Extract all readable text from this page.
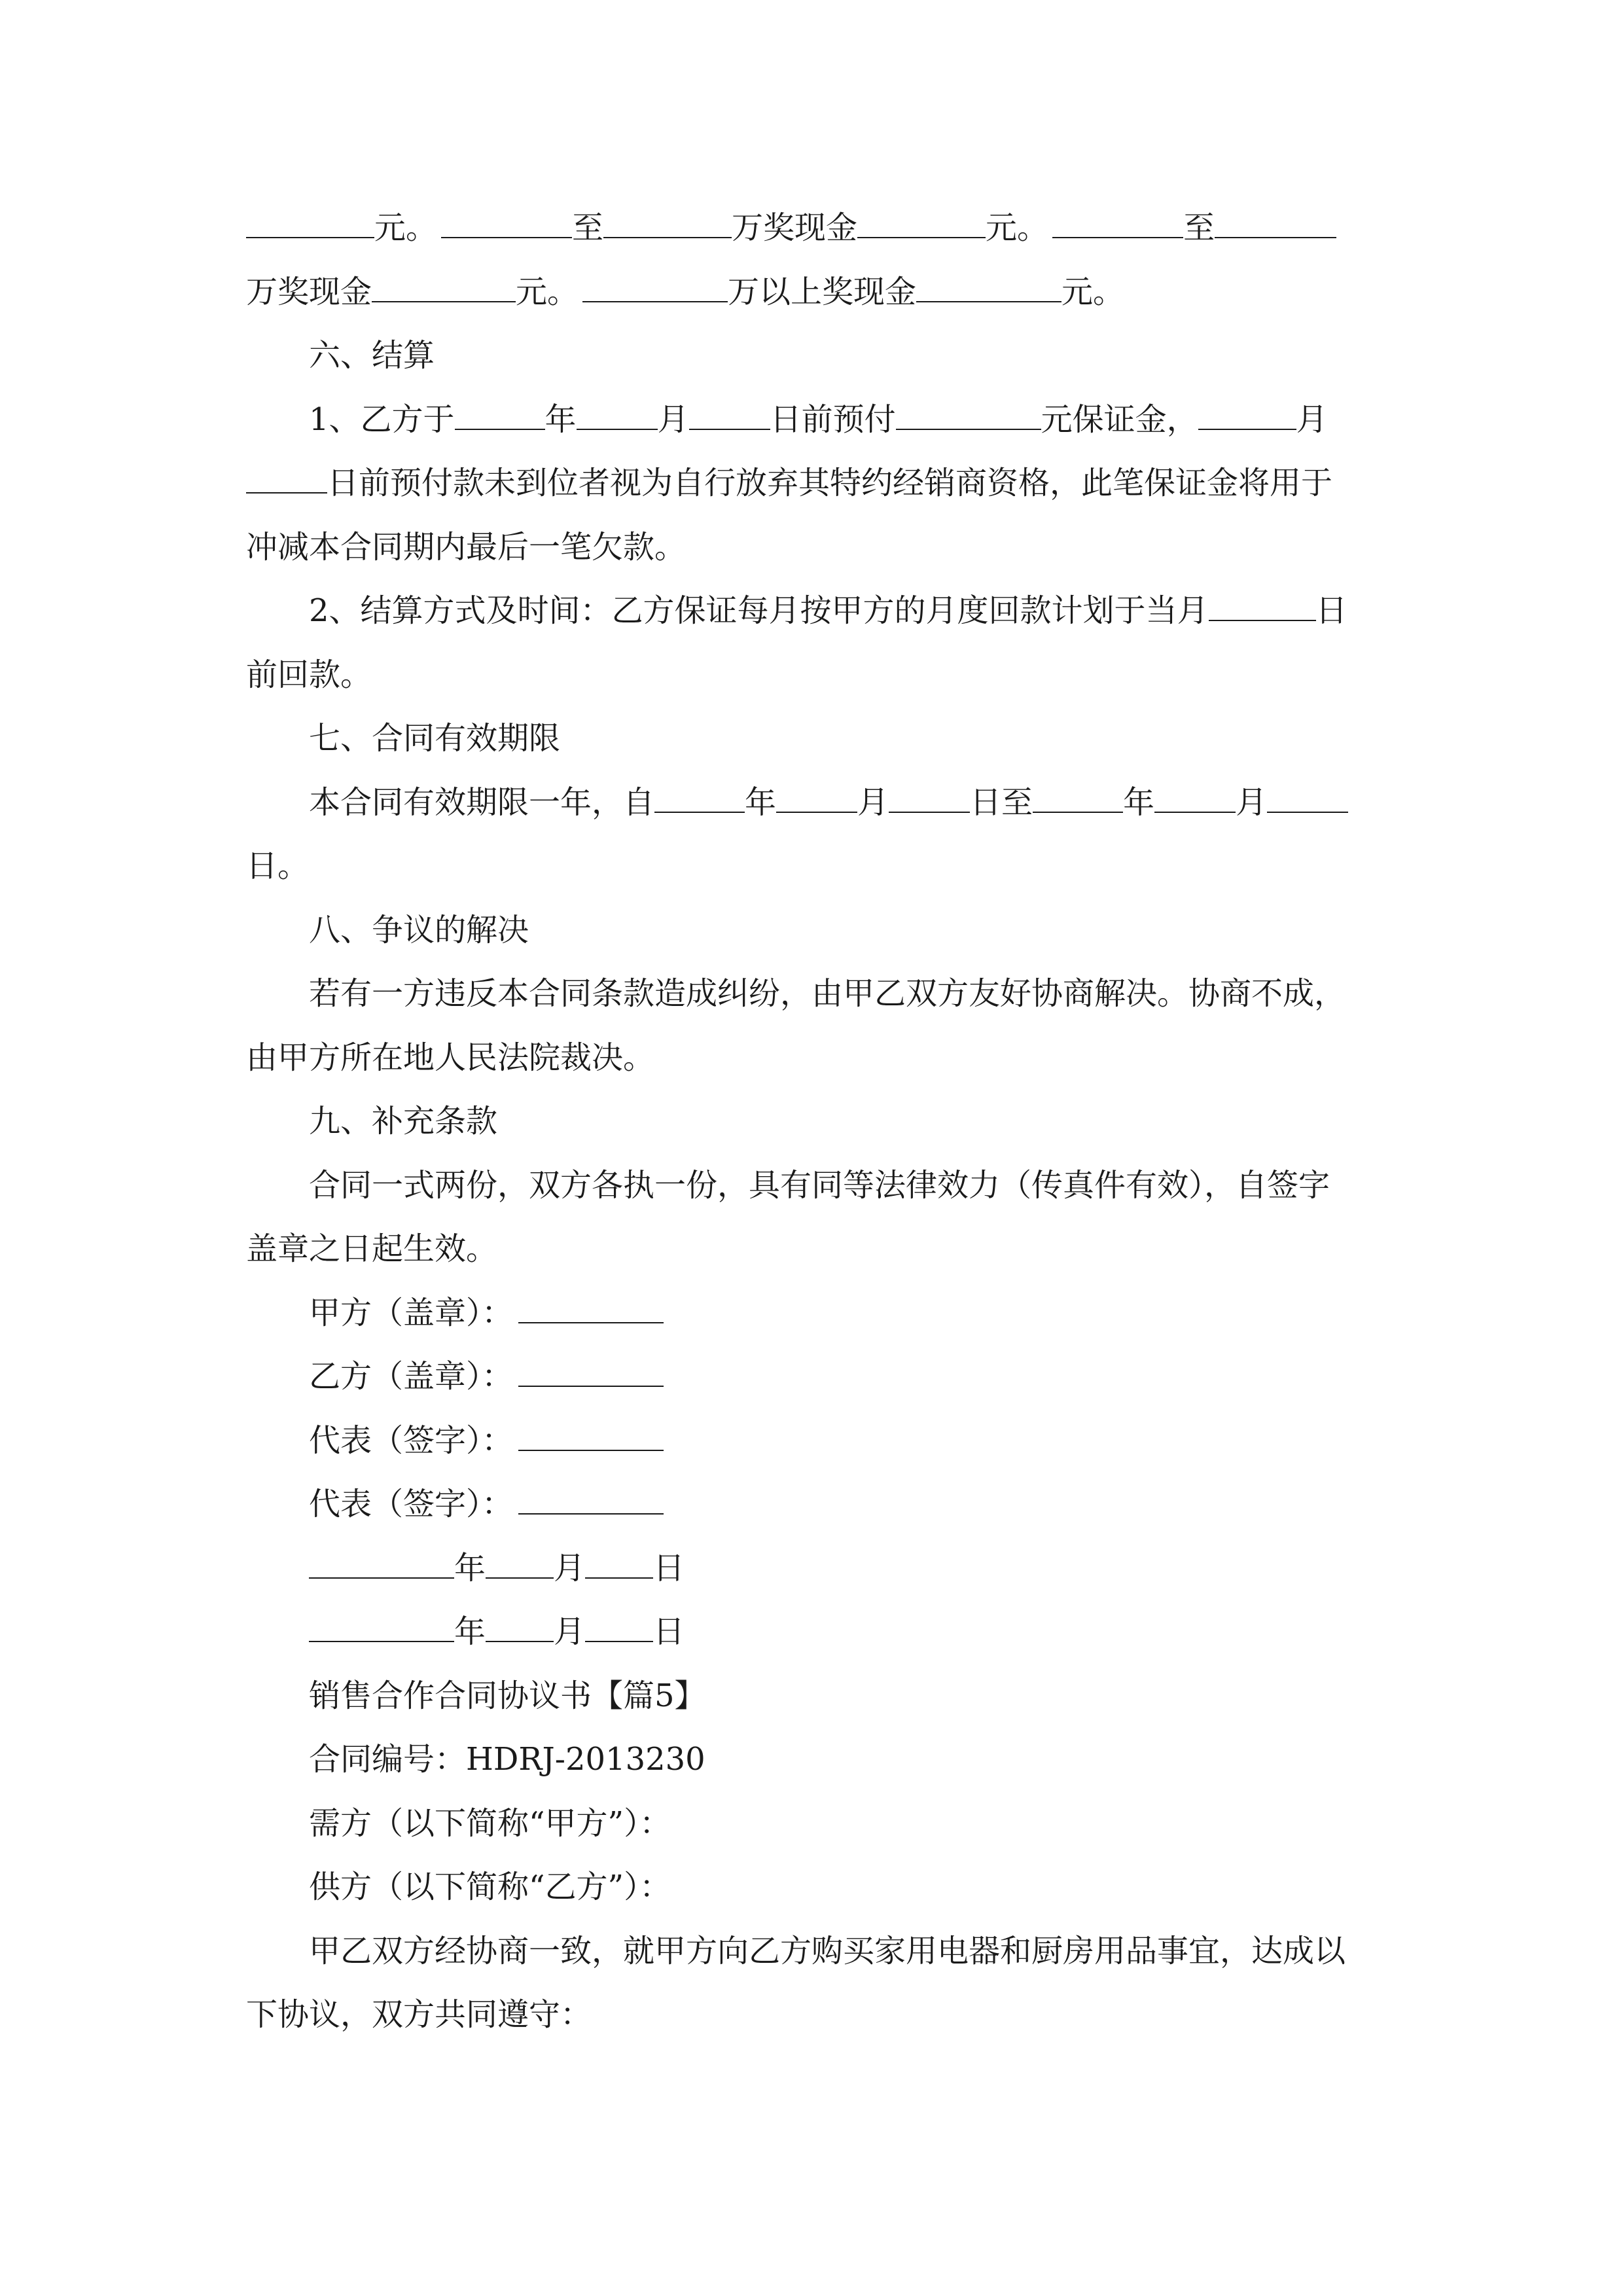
元。	至	万奖现金	元。	至
万奖现金	元。	万以上奖现金	元。
六、结算
1、乙方于	年	月	日前预付	元保证金，	月
日前预付款未到位者视为自行放弃其特约经销商资格，此笔保证金将用于
冲减本合同期内最后一笔欠款。
2、结算方式及时间：乙方保证每月按甲方的月度回款计划于当月	日
前回款。
七、合同有效期限
本合同有效期限一年，自	年	月	日至	年	月
日。
八、争议的解决
若有一方违反本合同条款造成纠纷，由甲乙双方友好协商解决。协商不成，
由甲方所在地人民法院裁决。
九、补充条款
合同一式两份，双方各执一份，具有同等法律效力（传真件有效），自签字
盖章之日起生效。
甲方（盖章）：
乙方（盖章）：
代表（签字）：
代表（签字）：
年 月 日
年 月 日
销售合作合同协议书【篇5】
合同编号：HDRJ-2013230
需方（以下简称“甲方”）：
供方（以下简称“乙方”）：
甲乙双方经协商一致，就甲方向乙方购买家用电器和厨房用品事宜，达成以
下协议，双方共同遵守：
